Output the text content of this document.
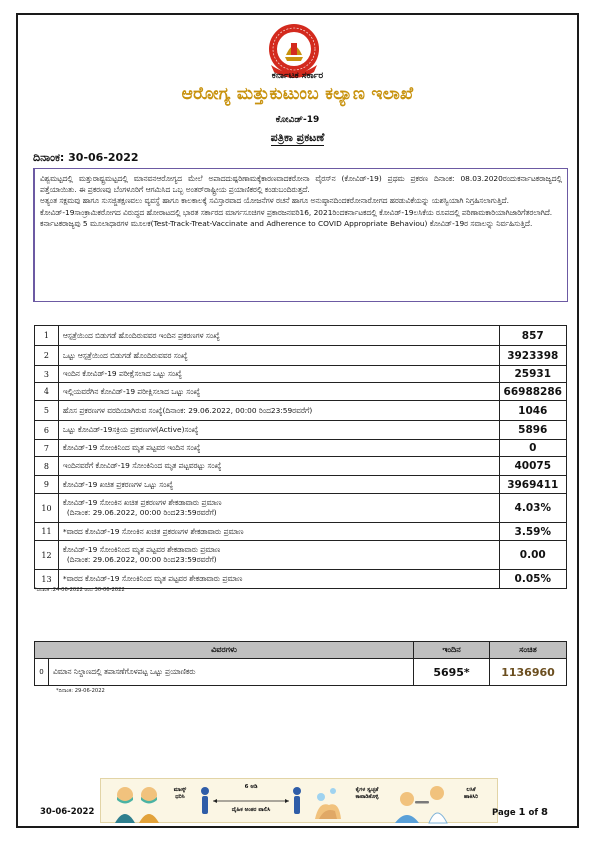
ಕರ್ನಾಟಕ ಸರ್ಕಾರ
ಆರೋಗ್ಯ ಮತ್ತುಕುಟುಂಬ ಕಲ್ಯಾಣ ಇಲಾಖೆ
ಕೋವಿಡ್-19
ಪತ್ರಿಕಾ ಪ್ರಕಟಣೆ
ದಿನಾಂಕ: 30-06-2022

ವಿಶ್ವಮಟ್ಟದಲ್ಲಿ ಮತ್ತುರಾಷ್ಟ್ರಮಟ್ಟದಲ್ಲಿ ಮಾನವನಆರೋಗ್ಯದ ಮೇಲೆ ಅಪಾದದುಷ್ಪರಿಣಾಮಕ್ಕೆಕಾರಣವಾದಕರೋನಾ ವೈರಸ್‌ನ (ಕೋವಿಡ್-19) ಪ್ರಥಮ ಪ್ರಕರಣ ದಿನಾಂಕ: 08.03.2020ರಂದುಕರ್ನಾಟಕರಾಜ್ಯದಲ್ಲಿ ಪತ್ತೆಯಾಯಿತು. ಈ ಪ್ರಕರಣವು ಬೆಂಗಳೂರಿಗೆ ಆಗಮಿಸಿದ ಒಬ್ಬ ಅಂತರ್‌ರಾಷ್ಟ್ರೀಯ ಪ್ರಯಾಣಿಕರಲ್ಲಿ ಕಂಡುಬಂದಿರುತ್ತದೆ.

ಅತ್ಯಂತ ಸಕ್ಷಮವು ಹಾಗೂ ಸುಸಜ್ಜಿತಕ್ಷಣವಲು ವ್ಯವಸ್ಥೆ ಹಾಗೂ ಕಾಲಕಾಲಕ್ಕೆ ಸವಿಸ್ತಾರವಾದ ಯೋಜನೆಗಳ ರಚನೆ ಹಾಗೂ ಅನುಷ್ಠಾನದಿಂದಕರೋನಾರೋಗದ ಹರಡುವಿಕೆಯನ್ನು ಯಶಸ್ವಿಯಾಗಿ ನಿಗ್ರಹಿಸಲಾಗುತ್ತಿದೆ.

ಕೋವಿಡ್-19ಸಾಂಕ್ರಾಮಿಕರೋಗದ ವಿರುದ್ಧದ ಹೋರಾಟದಲ್ಲಿ ಭಾರತ ಸರ್ಕಾರದ ಮಾರ್ಗಸೂಚಿಗಳ ಪ್ರಕಾರಜನವರಿ16, 2021ರಿಂದಕರ್ನಾಟಕದಲ್ಲಿ ಕೋವಿಡ್-19ಲಸಿಕೆಯ ರೂಪದಲ್ಲಿ ಪರಿಣಾಮಕಾರಿಯಾಗಿಜಾರಿಗೆತರಲಾಗಿದೆ.

ಕರ್ನಾಟಕರಾಜ್ಯವು 5 ಮೂಲಾಧಾರಗಳ ಮೂಲಕ(Test-Track-Treat-Vaccinate and Adherence to COVID Appropriate Behaviou) ಕೋವಿಡ್-19ರ ಸವಾಲನ್ನು ನಿರ್ವಹಿಸುತ್ತಿದೆ.

1	ಆಸ್ಪತ್ರೆಯಿಂದ ಬಿಡುಗಡೆ ಹೊಂದಿರುವವರ ಇಂದಿನ ಪ್ರಕರಣಗಳ ಸಂಖ್ಯೆ	857
2	ಒಟ್ಟು ಆಸ್ಪತ್ರೆಯಿಂದ ಬಿಡುಗಡೆ ಹೊಂದಿರುವವರ ಸಂಖ್ಯೆ	3923398
3	ಇಂದಿನ ಕೋವಿಡ್-19 ಪರೀಕ್ಷೆಸಲಾದ ಒಟ್ಟು ಸಂಖ್ಯೆ	25931
4	ಇಲ್ಲಿಯವರೆಗಿನ ಕೋವಿಡ್-19 ಪರೀಕ್ಷಿಸಲಾದ ಒಟ್ಟು ಸಂಖ್ಯೆ	66988286
5	ಹೊಸ ಪ್ರಕರಣಗಳ ವರದಿಯಾಗಿರುವ ಸಂಖ್ಯೆ(ದಿನಾಂಕ: 29.06.2022, 00:00 ರಿಂದ23:59ರವರೆಗೆ)	1046
6	ಒಟ್ಟು ಕೋವಿಡ್-19ಸಕ್ರಿಯ ಪ್ರಕರಣಗಳ(Active)ಸಂಖ್ಯೆ	5896
7	ಕೋವಿಡ್-19 ಸೋಂಕಿನಿಂದ ಮೃತ ಪಟ್ಟವರ ಇಂದಿನ ಸಂಖ್ಯೆ	0
8	ಇಂದಿನವರೆಗೆ ಕೋವಿಡ್-19 ಸೋಂಕಿನಿಂದ ಮೃತ ಪಟ್ಟವರಟ್ಟು ಸಂಖ್ಯೆ	40075
9	ಕೋವಿಡ್-19 ಖಚಿತ ಪ್ರಕರಣಗಳ ಒಟ್ಟು ಸಂಖ್ಯೆ	3969411
10	ಕೋವಿಡ್-19 ಸೋಂಕಿನ ಖಚಿತ ಪ್ರಕರಣಗಳ ಶೇಕಡಾವಾರು ಪ್ರಮಾಣ
(ದಿನಾಂಕ: 29.06.2022, 00:00 ರಿಂದ23:59ರವರೆಗೆ)	4.03%
11	*ವಾರದ ಕೋವಿಡ್-19 ಸೋಂಕಿನ ಖಚಿತ ಪ್ರಕರಣಗಳ ಶೇಕಡಾವಾರು ಪ್ರಮಾಣ	3.59%
12	ಕೋವಿಡ್-19 ಸೋಂಕಿನಿಂದ ಮೃತ ಪಟ್ಟವರ ಶೇಕಡಾವಾರು ಪ್ರಮಾಣ
(ದಿನಾಂಕ: 29.06.2022, 00:00 ರಿಂದ23:59ರವರೆಗೆ)	0.00
13	*ವಾರದ ಕೋವಿಡ್-19 ಸೋಂಕಿನಿಂದ ಮೃತ ಪಟ್ಟವರ ಶೇಕಡಾವಾರು ಪ್ರಮಾಣ	0.05%
*ದಿನಾಂಕ :24-06-2022 ರಿಂದ 30-06-2022
ವಿವರಗಳು		ಇಂದಿನ	ಸಂಚಿತ
0	ವಿಮಾನ ನಿಲ್ದಾಣದಲ್ಲಿ ತಪಾಸಣೆಗೊಳಪಟ್ಟ ಒಟ್ಟು ಪ್ರಯಾಣಿಕರು	5695*	1136960
*ದಿನಾಂಕ: 29-06-2022
ಮಾಸ್ಕ್
ಧರಿಸಿ
6 ಅಡಿ
ದೈಹಿಕ ಅಂತರ ಪಾಲಿಸಿ
ಕೈಗಳ ಸ್ವಚ್ಛತೆ
ಕಾಪಾಡಿಕೊಳ್ಳಿ
ಲಸಿಕೆ
ಹಾಕಿಸಿರಿ
30-06-2022	Page 1 of 8
